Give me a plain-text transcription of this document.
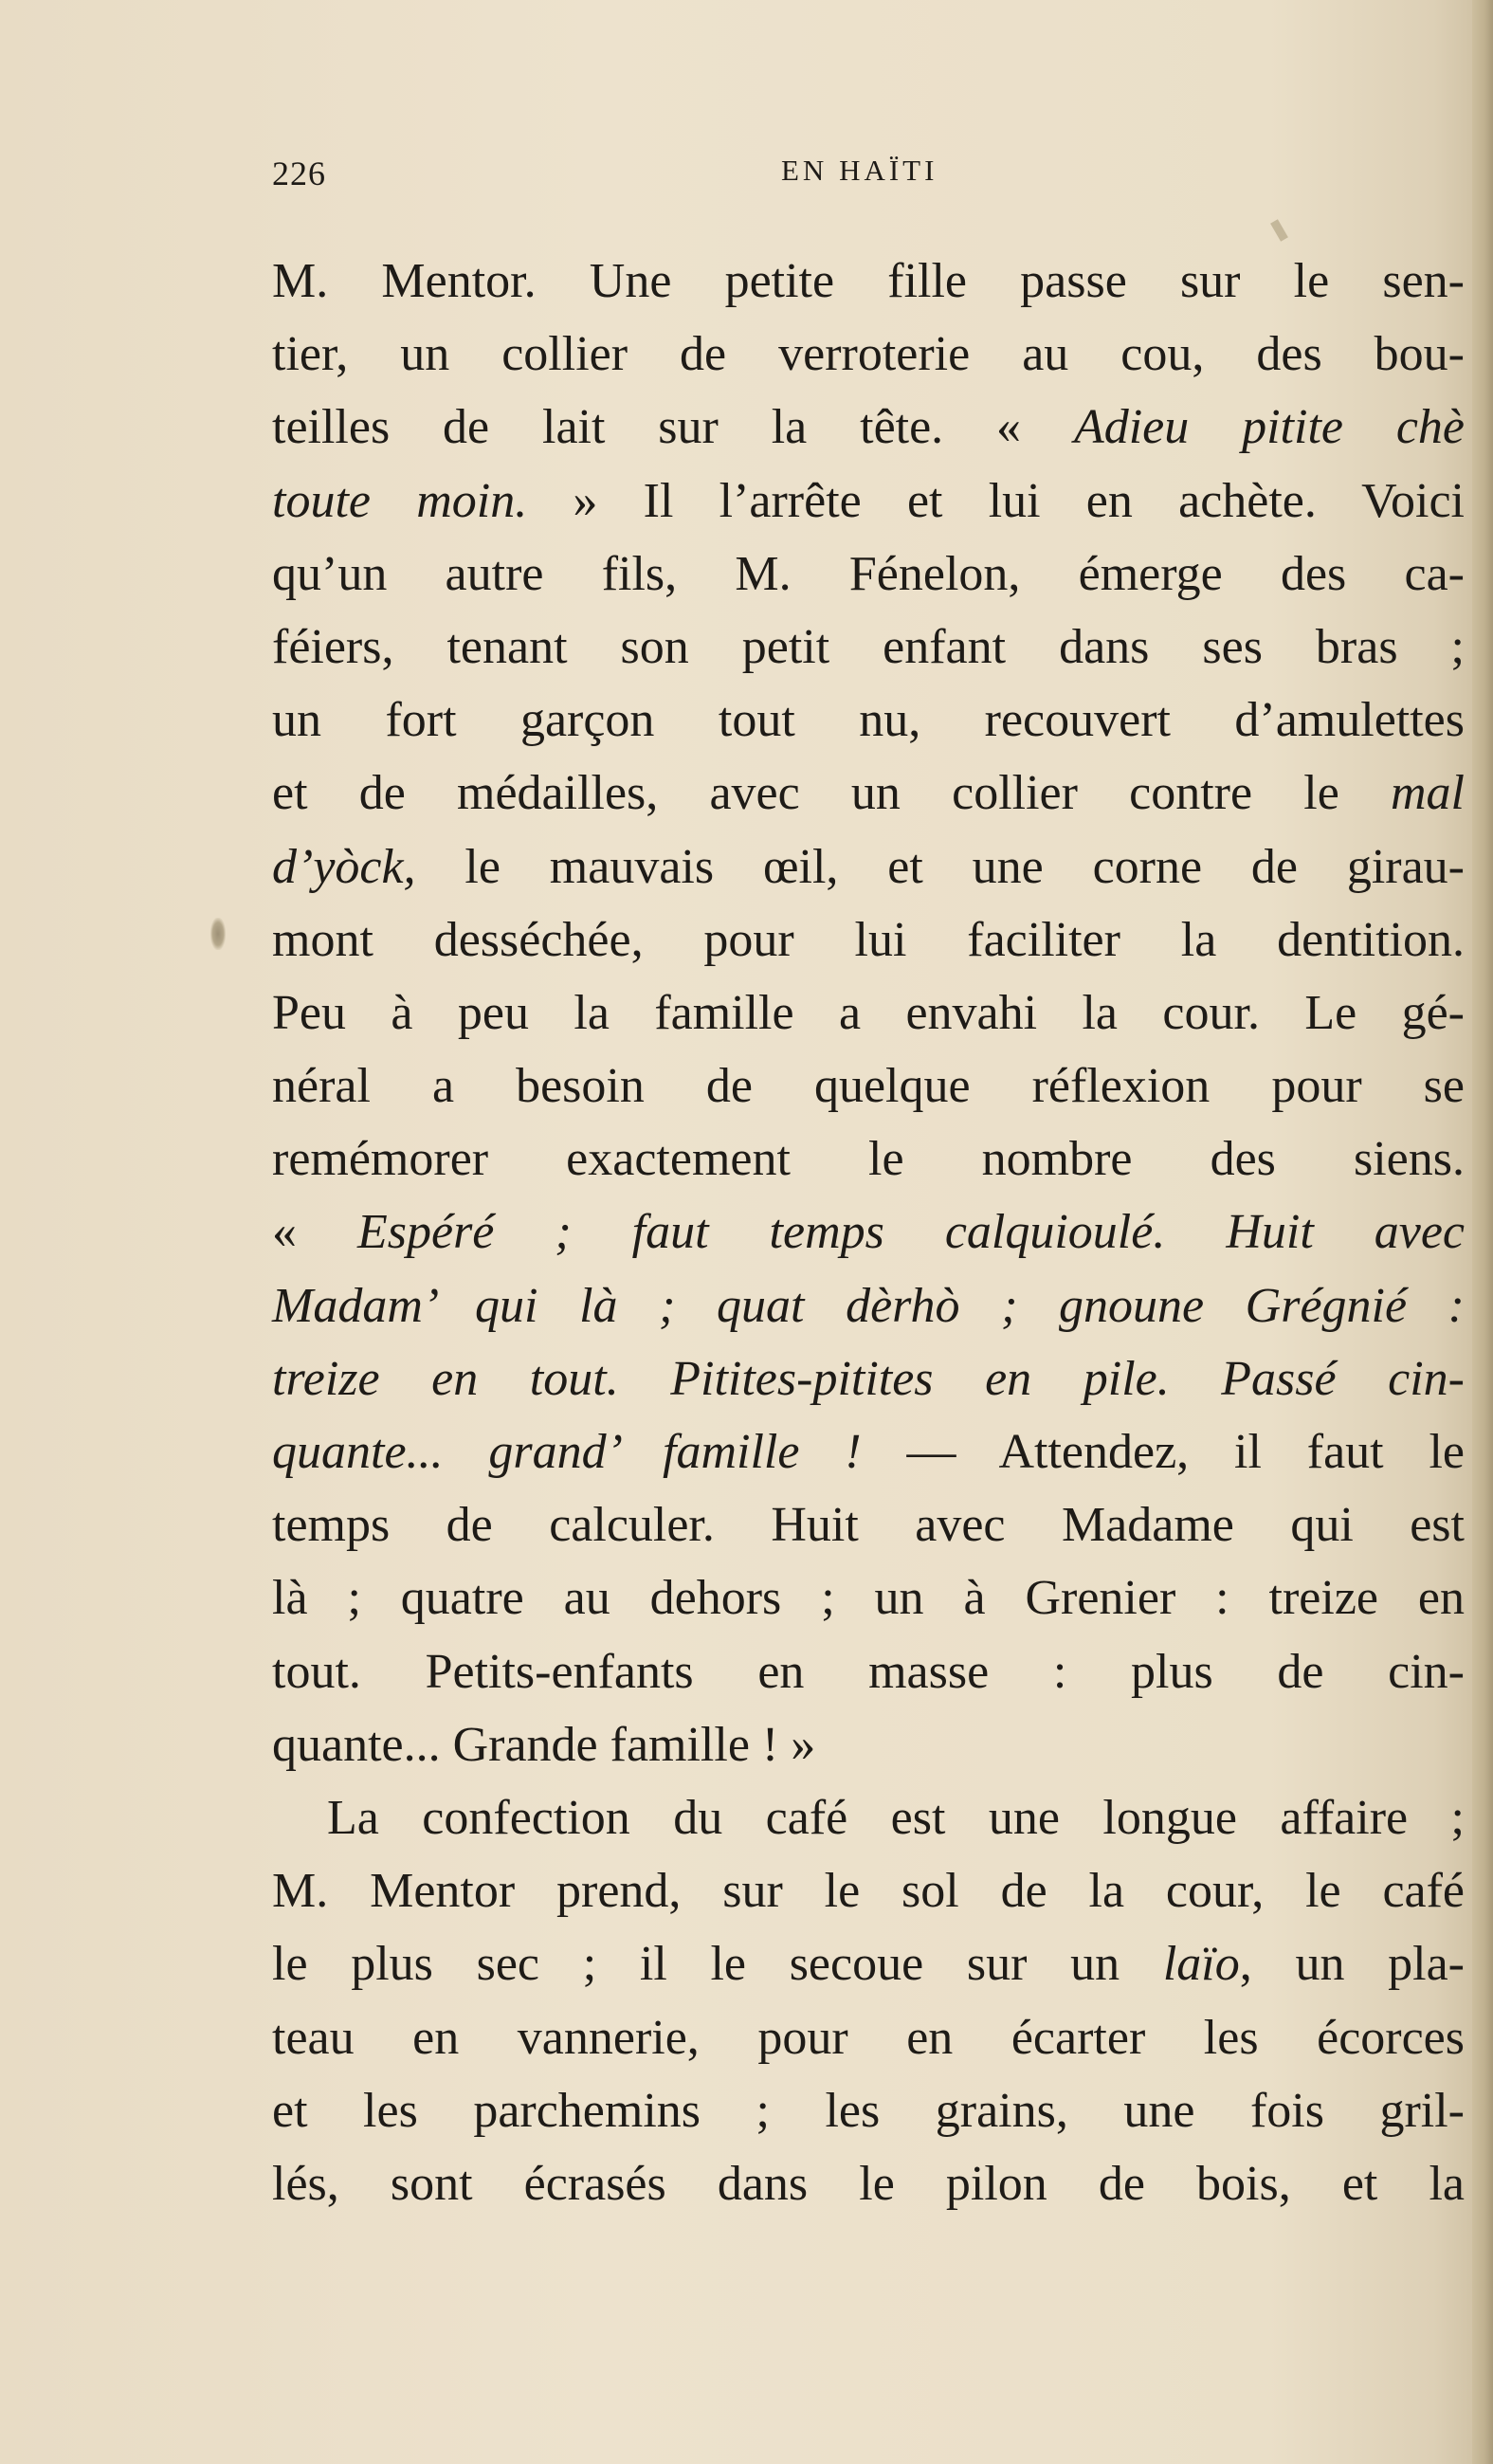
226	EN HAÏTI
M. Mentor. Une petite fille passe sur le sen-
tier, un collier de verroterie au cou, des bou-
teilles de lait sur la tête. « Adieu pitite chè
toute moin. » Il l’arrête et lui en achète. Voici
qu’un autre fils, M. Fénelon, émerge des ca-
féiers, tenant son petit enfant dans ses bras ;
un fort garçon tout nu, recouvert d’amulettes
et de médailles, avec un collier contre le mal
d’yòck, le mauvais œil, et une corne de girau-
mont desséchée, pour lui faciliter la dentition.
Peu à peu la famille a envahi la cour. Le gé-
néral a besoin de quelque réflexion pour se
remémorer exactement le nombre des siens.
« Espéré ; faut temps calquioulé. Huit avec
Madam’ qui là ; quat dèrhò ; gnoune Grégnié :
treize en tout. Pitites-pitites en pile. Passé cin-
quante... grand’ famille ! — Attendez, il faut le
temps de calculer. Huit avec Madame qui est
là ; quatre au dehors ; un à Grenier : treize en
tout. Petits-enfants en masse : plus de cin-
quante... Grande famille ! »
La confection du café est une longue affaire ;
M. Mentor prend, sur le sol de la cour, le café
le plus sec ; il le secoue sur un laïo, un pla-
teau en vannerie, pour en écarter les écorces
et les parchemins ; les grains, une fois gril-
lés, sont écrasés dans le pilon de bois, et la
